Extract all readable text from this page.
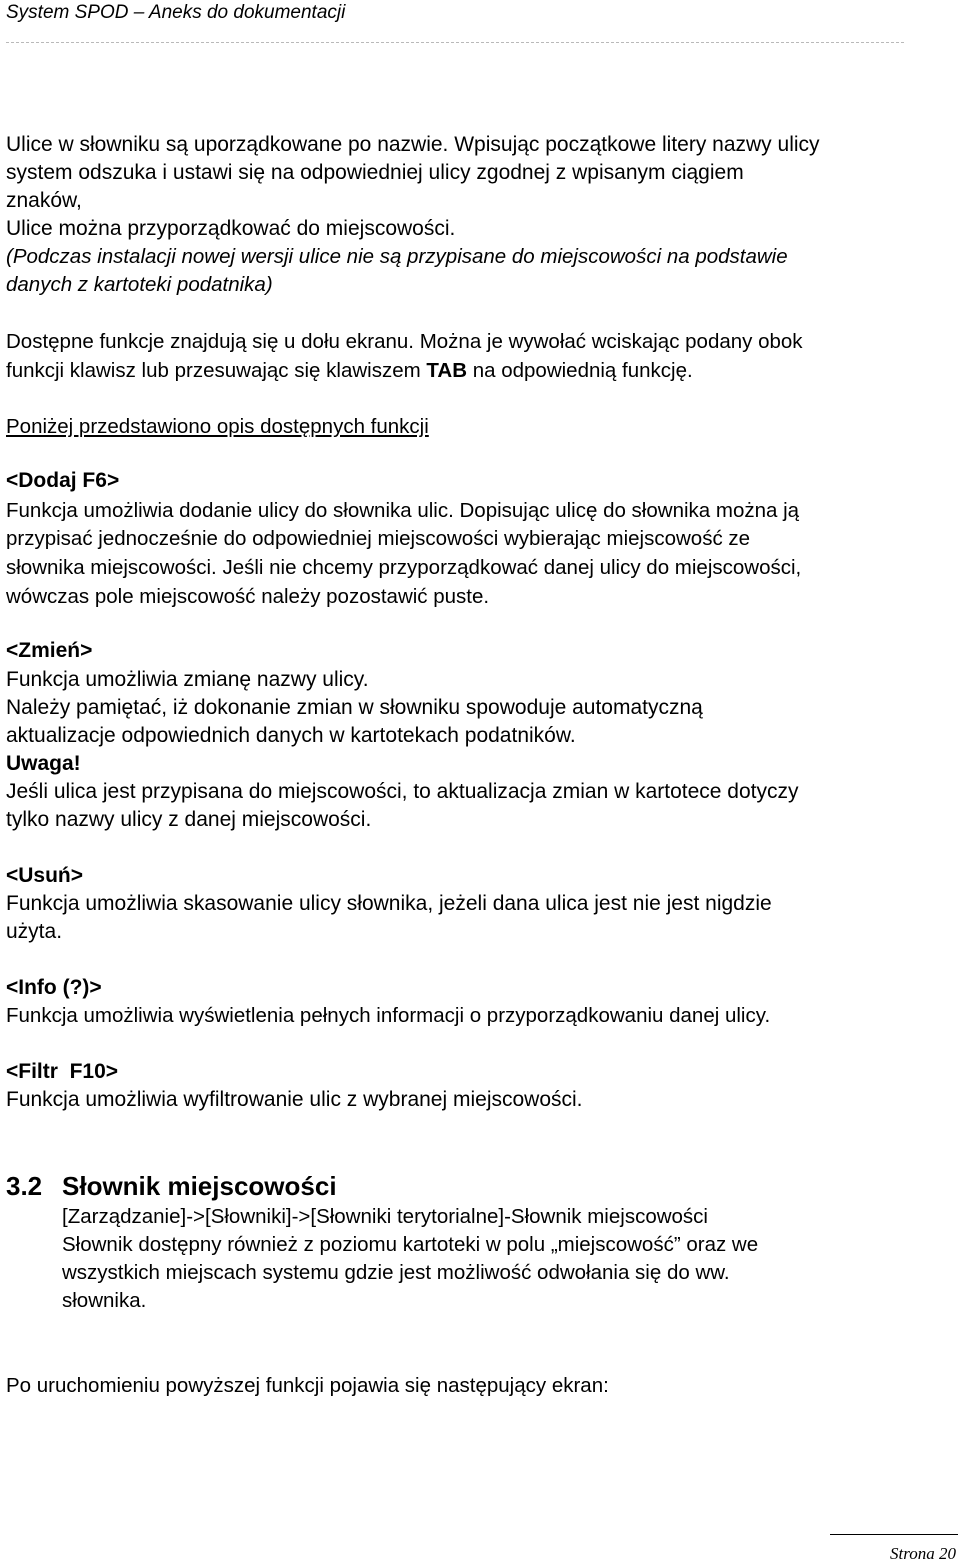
System SPOD – Aneks do dokumentacji
Ulice w słowniku są uporządkowane po nazwie. Wpisując początkowe litery nazwy ulicy
system odszuka i ustawi się na odpowiedniej ulicy zgodnej z wpisanym ciągiem
znaków,
Ulice można przyporządkować do miejscowości.
(Podczas instalacji nowej wersji ulice nie są przypisane do miejscowości na podstawie
danych z kartoteki podatnika)
Dostępne funkcje znajdują się u dołu ekranu. Można je wywołać wciskając podany obok
funkcji klawisz lub przesuwając się klawiszem TAB na odpowiednią funkcję.
Poniżej przedstawiono opis dostępnych funkcji
<Dodaj F6>
Funkcja umożliwia dodanie ulicy do słownika ulic. Dopisując ulicę do słownika można ją
przypisać jednocześnie do odpowiedniej miejscowości wybierając miejscowość ze
słownika miejscowości. Jeśli nie chcemy przyporządkować danej ulicy do miejscowości,
wówczas pole miejscowość należy pozostawić puste.
<Zmień>
Funkcja umożliwia zmianę nazwy ulicy.
Należy pamiętać, iż dokonanie zmian w słowniku spowoduje automatyczną
aktualizacje odpowiednich danych w kartotekach podatników.
Uwaga!
Jeśli ulica jest przypisana do miejscowości, to aktualizacja zmian w kartotece dotyczy
tylko nazwy ulicy z danej miejscowości.
<Usuń>
Funkcja umożliwia skasowanie ulicy słownika, jeżeli dana ulica jest nie jest nigdzie
użyta.
<Info (?)>
Funkcja umożliwia wyświetlenia pełnych informacji o przyporządkowaniu danej ulicy.
<Filtr  F10>
Funkcja umożliwia wyfiltrowanie ulic z wybranej miejscowości.
3.2 Słownik miejscowości
[Zarządzanie]->[Słowniki]->[Słowniki terytorialne]-Słownik miejscowości
Słownik dostępny również z poziomu kartoteki w polu „miejscowość” oraz we
wszystkich miejscach systemu gdzie jest możliwość odwołania się do ww.
słownika.
Po uruchomieniu powyższej funkcji pojawia się następujący ekran:
Strona 20
